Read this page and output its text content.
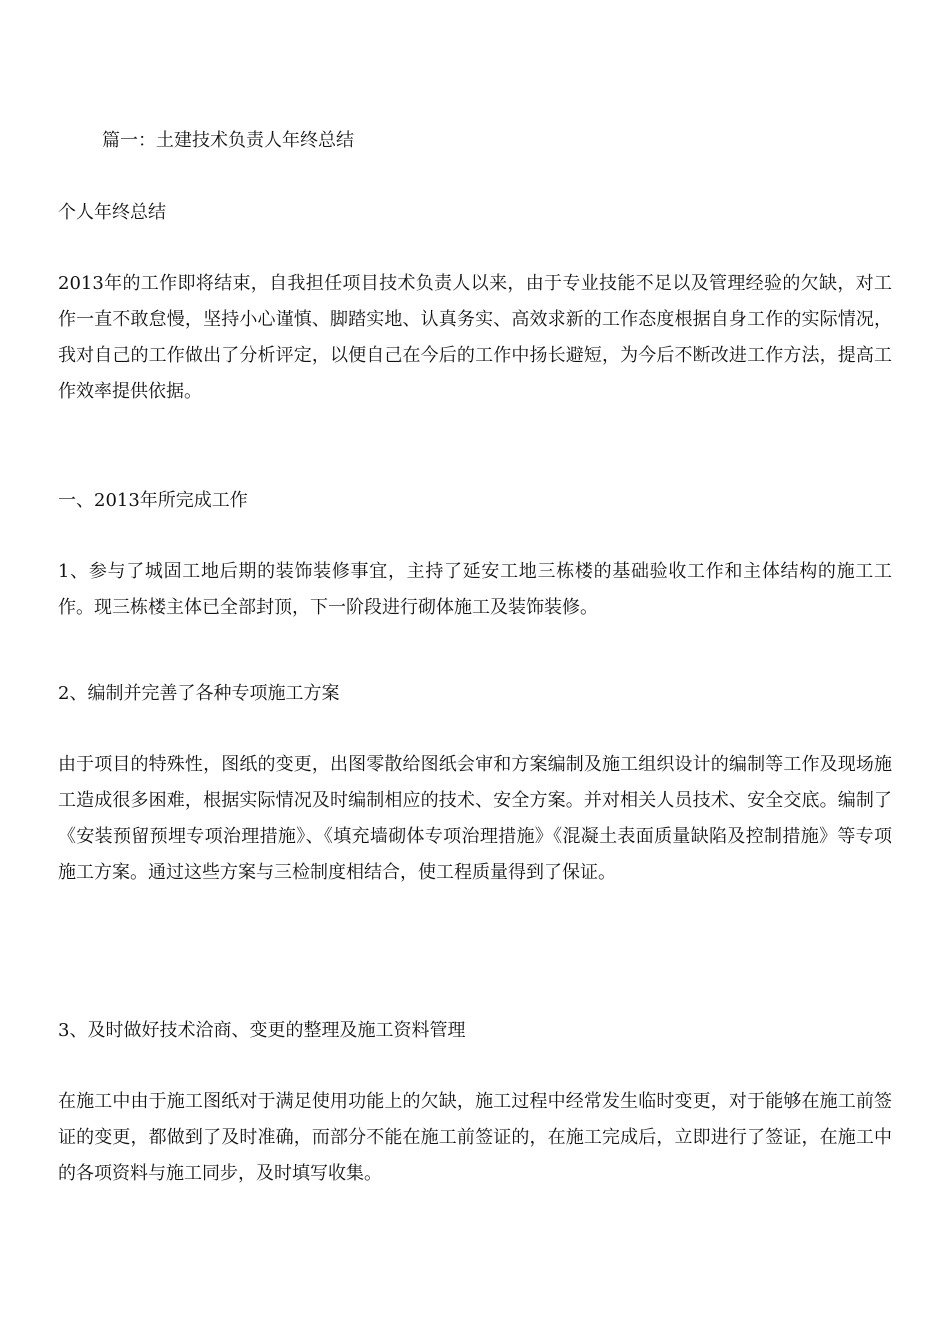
篇一：土建技术负责人年终总结

个人年终总结

2013年的工作即将结束，自我担任项目技术负责人以来，由于专业技能不足以及管理经验的欠缺，对工作一直不敢怠慢，坚持小心谨慎、脚踏实地、认真务实、高效求新的工作态度根据自身工作的实际情况，我对自己的工作做出了分析评定，以便自己在今后的工作中扬长避短，为今后不断改进工作方法，提高工作效率提供依据。

一、2013年所完成工作

1、参与了城固工地后期的装饰装修事宜，主持了延安工地三栋楼的基础验收工作和主体结构的施工工作。现三栋楼主体已全部封顶，下一阶段进行砌体施工及装饰装修。

2、编制并完善了各种专项施工方案

由于项目的特殊性，图纸的变更，出图零散给图纸会审和方案编制及施工组织设计的编制等工作及现场施工造成很多困难，根据实际情况及时编制相应的技术、安全方案。并对相关人员技术、安全交底。编制了《安装预留预埋专项治理措施》、《填充墙砌体专项治理措施》《混凝土表面质量缺陷及控制措施》等专项施工方案。通过这些方案与三检制度相结合，使工程质量得到了保证。

3、及时做好技术洽商、变更的整理及施工资料管理

在施工中由于施工图纸对于满足使用功能上的欠缺，施工过程中经常发生临时变更，对于能够在施工前签证的变更，都做到了及时准确，而部分不能在施工前签证的，在施工完成后，立即进行了签证，在施工中的各项资料与施工同步，及时填写收集。
